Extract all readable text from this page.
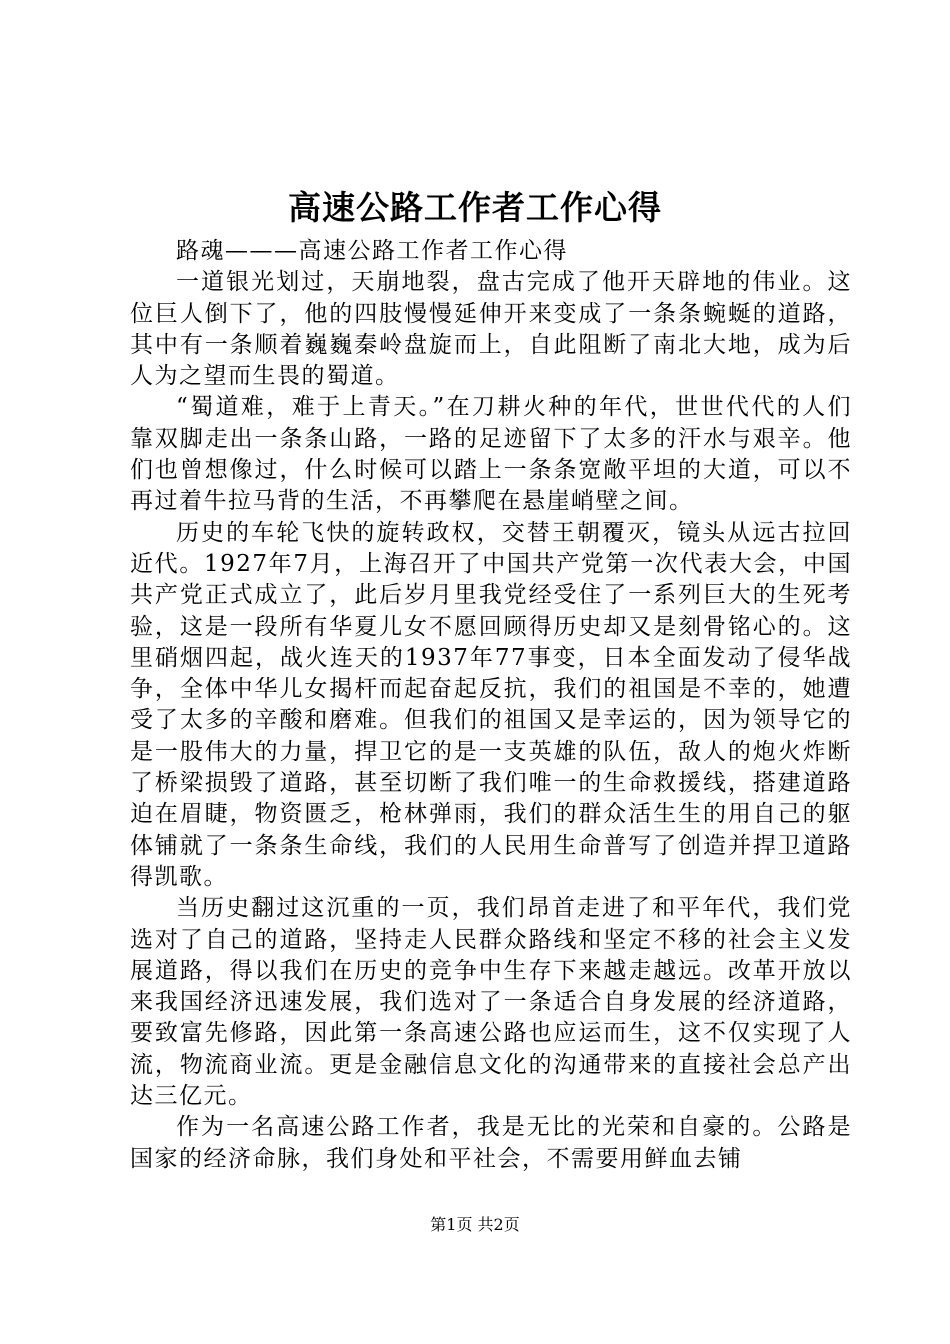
高速公路工作者工作心得

路魂———高速公路工作者工作心得

一道银光划过，天崩地裂，盘古完成了他开天辟地的伟业。这位巨人倒下了，他的四肢慢慢延伸开来变成了一条条蜿蜒的道路，其中有一条顺着巍巍秦岭盘旋而上，自此阻断了南北大地，成为后人为之望而生畏的蜀道。

“蜀道难，难于上青天。”在刀耕火种的年代，世世代代的人们靠双脚走出一条条山路，一路的足迹留下了太多的汗水与艰辛。他们也曾想像过，什么时候可以踏上一条条宽敞平坦的大道，可以不再过着牛拉马背的生活，不再攀爬在悬崖峭壁之间。

历史的车轮飞快的旋转政权，交替王朝覆灭，镜头从远古拉回近代。1927年7月，上海召开了中国共产党第一次代表大会，中国共产党正式成立了，此后岁月里我党经受住了一系列巨大的生死考验，这是一段所有华夏儿女不愿回顾得历史却又是刻骨铭心的。这里硝烟四起，战火连天的1937年77事变，日本全面发动了侵华战争，全体中华儿女揭杆而起奋起反抗，我们的祖国是不幸的，她遭受了太多的辛酸和磨难。但我们的祖国又是幸运的，因为领导它的是一股伟大的力量，捍卫它的是一支英雄的队伍，敌人的炮火炸断了桥梁损毁了道路，甚至切断了我们唯一的生命救援线，搭建道路迫在眉睫，物资匮乏，枪林弹雨，我们的群众活生生的用自己的躯体铺就了一条条生命线，我们的人民用生命普写了创造并捍卫道路得凯歌。

当历史翻过这沉重的一页，我们昂首走进了和平年代，我们党选对了自己的道路，坚持走人民群众路线和坚定不移的社会主义发展道路，得以我们在历史的竞争中生存下来越走越远。改革开放以来我国经济迅速发展，我们选对了一条适合自身发展的经济道路，要致富先修路，因此第一条高速公路也应运而生，这不仅实现了人流，物流商业流。更是金融信息文化的沟通带来的直接社会总产出达三亿元。

作为一名高速公路工作者，我是无比的光荣和自豪的。公路是国家的经济命脉，我们身处和平社会，不需要用鲜血去铺

第1页 共2页
